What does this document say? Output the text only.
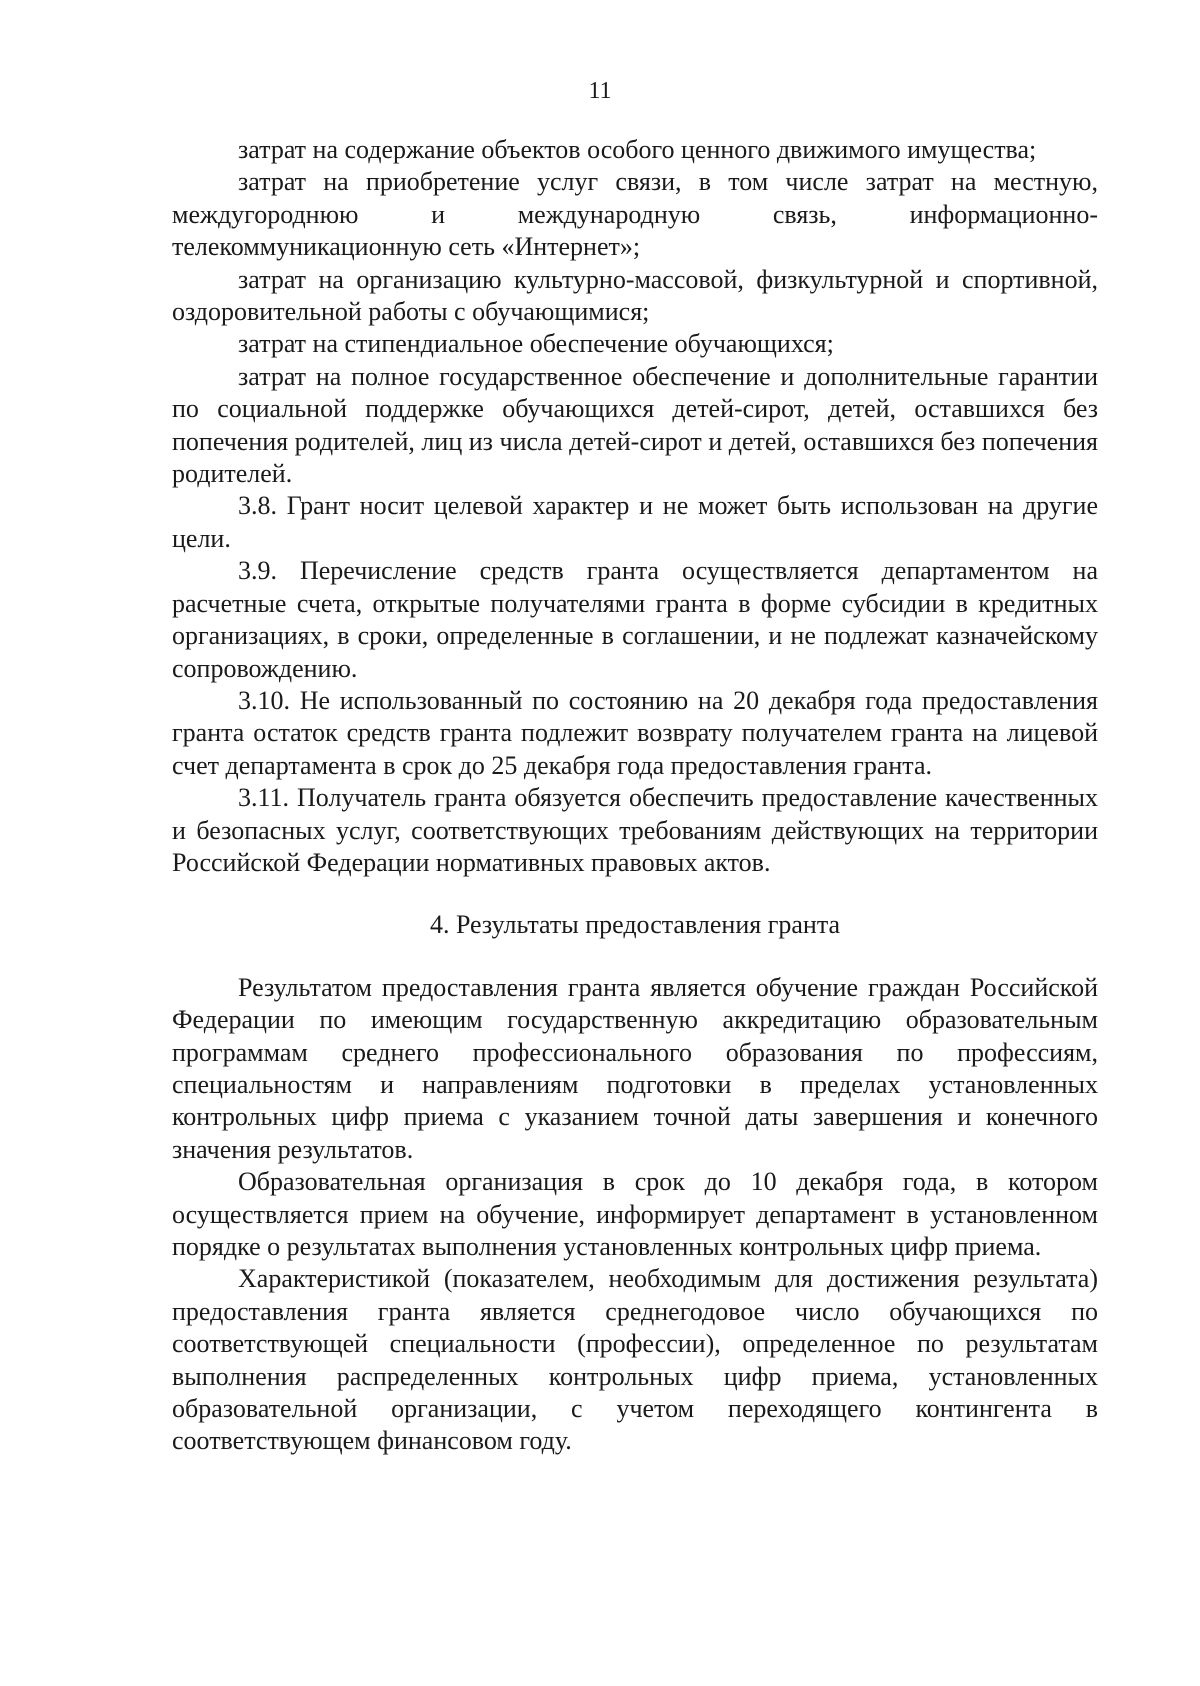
11

затрат на содержание объектов особого ценного движимого имущества;

затрат на приобретение услуг связи, в том числе затрат на местную, междугороднюю и международную связь, информационно-телекоммуникационную сеть «Интернет»;

затрат на организацию культурно-массовой, физкультурной и спортивной, оздоровительной работы с обучающимися;

затрат на стипендиальное обеспечение обучающихся;

затрат на полное государственное обеспечение и дополнительные гарантии по социальной поддержке обучающихся детей-сирот, детей, оставшихся без попечения родителей, лиц из числа детей-сирот и детей, оставшихся без попечения родителей.

3.8. Грант носит целевой характер и не может быть использован на другие цели.

3.9. Перечисление средств гранта осуществляется департаментом на расчетные счета, открытые получателями гранта в форме субсидии в кредитных организациях, в сроки, определенные в соглашении, и не подлежат казначейскому сопровождению.

3.10. Не использованный по состоянию на 20 декабря года предоставления гранта остаток средств гранта подлежит возврату получателем гранта на лицевой счет департамента в срок до 25 декабря года предоставления гранта.

3.11. Получатель гранта обязуется обеспечить предоставление качественных и безопасных услуг, соответствующих требованиям действующих на территории Российской Федерации нормативных правовых актов.

4. Результаты предоставления гранта

Результатом предоставления гранта является обучение граждан Российской Федерации по имеющим государственную аккредитацию образовательным программам среднего профессионального образования по профессиям, специальностям и направлениям подготовки в пределах установленных контрольных цифр приема с указанием точной даты завершения и конечного значения результатов.

Образовательная организация в срок до 10 декабря года, в котором осуществляется прием на обучение, информирует департамент в установленном порядке о результатах выполнения установленных контрольных цифр приема.

Характеристикой (показателем, необходимым для достижения результата) предоставления гранта является среднегодовое число обучающихся по соответствующей специальности (профессии), определенное по результатам выполнения распределенных контрольных цифр приема, установленных образовательной организации, с учетом переходящего контингента в соответствующем финансовом году.
